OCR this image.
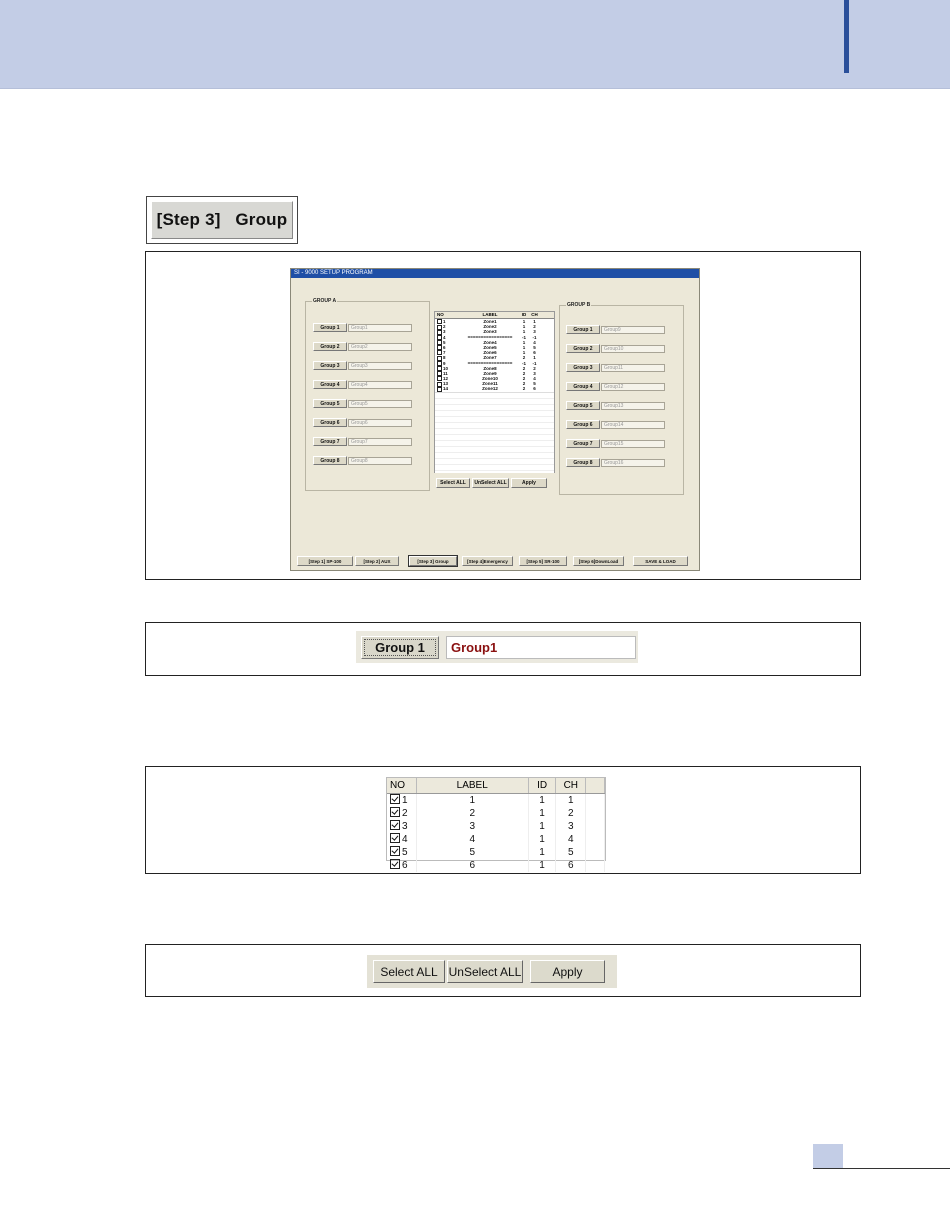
[Step 3]   Group
SI - 9000 SETUP PROGRAM
GROUP A
GROUP B
Group 1	Group1
Group 2	Group2
Group 3	Group3
Group 4	Group4
Group 5	Group5
Group 6	Group6
Group 7	Group7
Group 8	Group8
Group 1	Group9
Group 2	Group10
Group 3	Group11
Group 4	Group12
Group 5	Group13
Group 6	Group14
Group 7	Group15
Group 8	Group16
NO	LABEL	ID	CH
1	Zone1	1	1
2	Zone2	1	2
3	Zone3	1	3
4	=================	-1	-1
5	Zone4	1	4
6	Zone5	1	5
7	Zone6	1	6
8	Zone7	2	1
9	=================	-1	-1
10	Zone8	2	2
11	Zone9	2	3
12	Zone10	2	4
13	Zone11	2	5
14	Zone12	2	6
Select ALL	UnSelect ALL	Apply
[Step 1] SP-100	[Step 2] AUX	[Step 3] Group	[Step 4]Emergency	[Step 5] SR-100	[Step 6]DownLoad	SAVE & LOAD
Group 1	Group1
NO	LABEL	ID	CH
1	1	1	1
2	2	1	2
3	3	1	3
4	4	1	4
5	5	1	5
6	6	1	6
Select ALL UnSelect ALL	Apply
